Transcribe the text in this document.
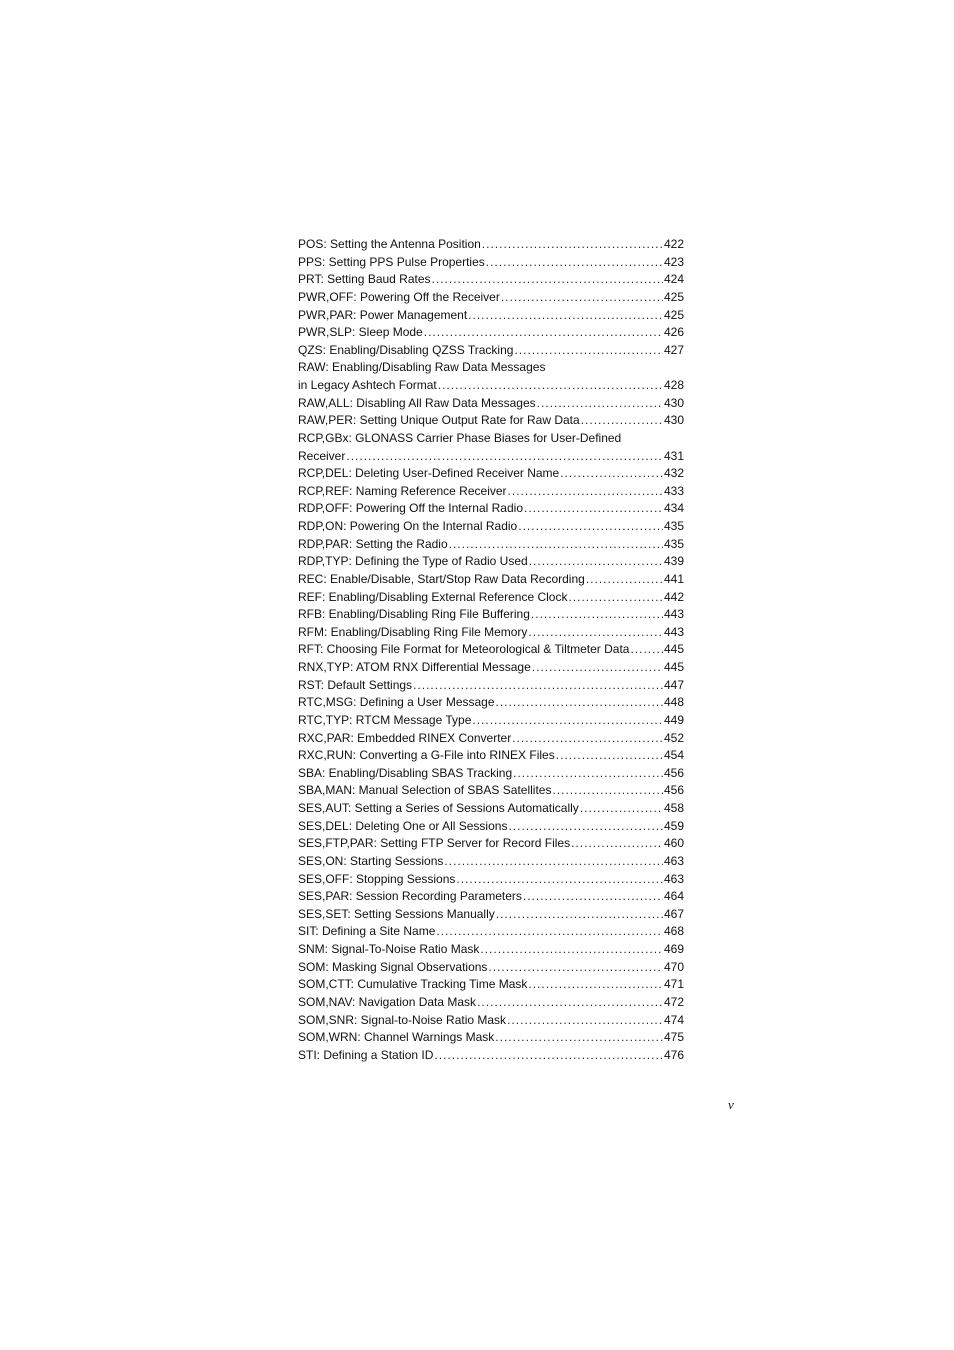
POS: Setting the Antenna Position .....	422
PPS: Setting PPS Pulse Properties .....	423
PRT: Setting Baud Rates .....	424
PWR,OFF: Powering Off the Receiver .....	425
PWR,PAR: Power Management .....	425
PWR,SLP: Sleep Mode .....	426
QZS: Enabling/Disabling QZSS Tracking .....	427
RAW: Enabling/Disabling Raw Data Messages
in Legacy Ashtech Format .....	428
RAW,ALL: Disabling All Raw Data Messages .....	430
RAW,PER: Setting Unique Output Rate for Raw Data .....	430
RCP,GBx: GLONASS Carrier Phase Biases for User-Defined
Receiver .....	431
RCP,DEL: Deleting User-Defined Receiver Name .....	432
RCP,REF: Naming Reference Receiver .....	433
RDP,OFF: Powering Off the Internal Radio .....	434
RDP,ON: Powering On the Internal Radio .....	435
RDP,PAR: Setting the Radio .....	435
RDP,TYP: Defining the Type of Radio Used .....	439
REC: Enable/Disable, Start/Stop Raw Data Recording .....	441
REF: Enabling/Disabling External Reference Clock .....	442
RFB: Enabling/Disabling Ring File Buffering .....	443
RFM: Enabling/Disabling Ring File Memory .....	443
RFT: Choosing File Format for Meteorological & Tiltmeter Data .....	445
RNX,TYP: ATOM RNX Differential Message .....	445
RST: Default Settings .....	447
RTC,MSG: Defining a User Message .....	448
RTC,TYP: RTCM Message Type .....	449
RXC,PAR: Embedded RINEX Converter .....	452
RXC,RUN: Converting a G-File into RINEX Files .....	454
SBA: Enabling/Disabling SBAS Tracking .....	456
SBA,MAN: Manual Selection of SBAS Satellites .....	456
SES,AUT: Setting a Series of Sessions Automatically .....	458
SES,DEL: Deleting One or All Sessions .....	459
SES,FTP,PAR: Setting FTP Server for Record Files .....	460
SES,ON: Starting Sessions .....	463
SES,OFF: Stopping Sessions .....	463
SES,PAR: Session Recording Parameters .....	464
SES,SET: Setting Sessions Manually .....	467
SIT: Defining a Site Name .....	468
SNM: Signal-To-Noise Ratio Mask .....	469
SOM: Masking Signal Observations .....	470
SOM,CTT: Cumulative Tracking Time Mask .....	471
SOM,NAV: Navigation Data Mask .....	472
SOM,SNR: Signal-to-Noise Ratio Mask .....	474
SOM,WRN: Channel Warnings Mask .....	475
STI: Defining a Station ID .....	476
v
